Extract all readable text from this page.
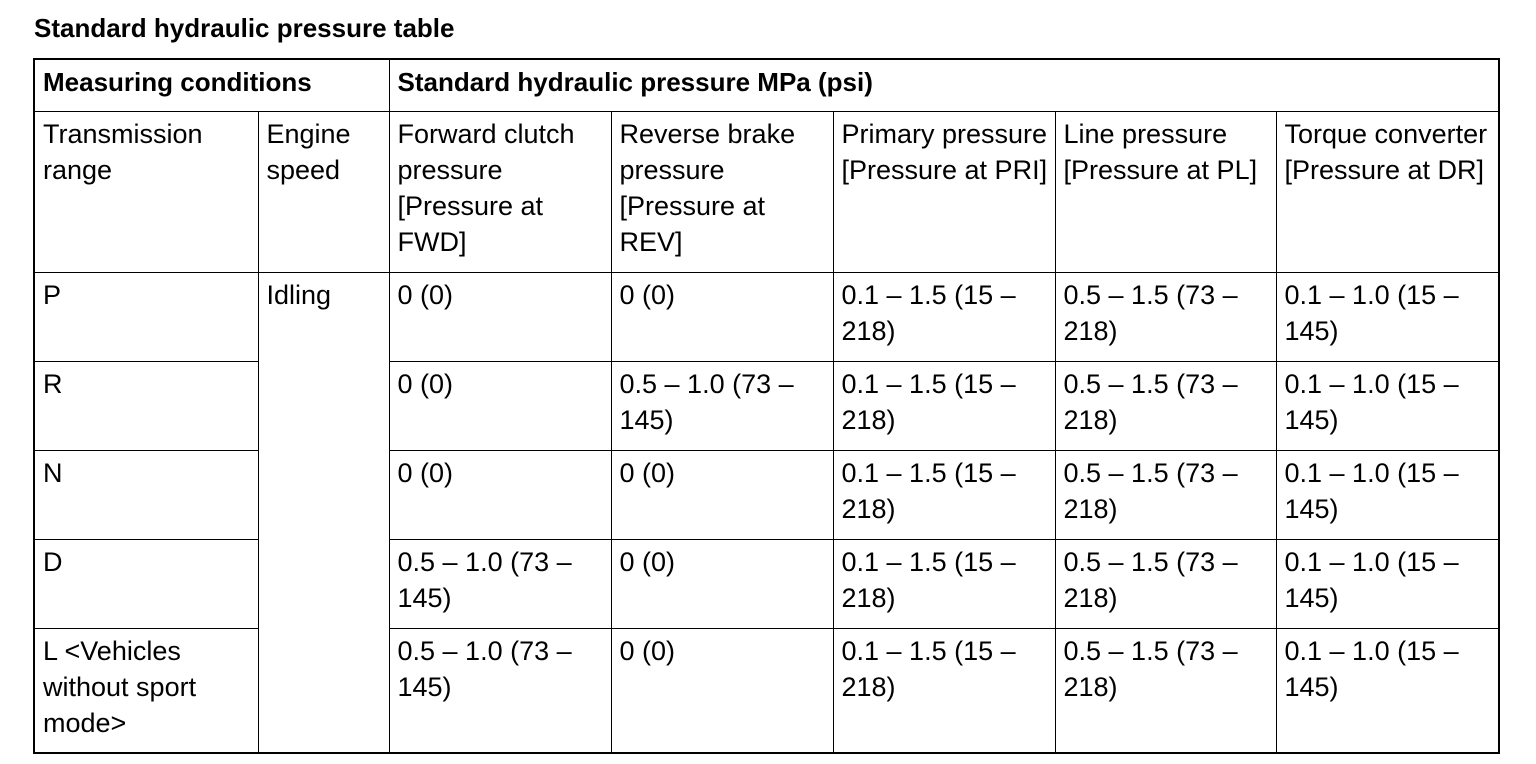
Standard hydraulic pressure table
Measuring conditions		Standard hydraulic pressure MPa (psi)				
Transmission range	Engine speed	Forward clutch pressure [Pressure at FWD]	Reverse brake pressure [Pressure at REV]	Primary pressure [Pressure at PRI]	Line pressure [Pressure at PL]	Torque converter [Pressure at DR]
P	Idling	0 (0)	0 (0)	0.1 – 1.5 (15 – 218)	0.5 – 1.5 (73 – 218)	0.1 – 1.0 (15 – 145)
R		0 (0)	0.5 – 1.0 (73 – 145)	0.1 – 1.5 (15 – 218)	0.5 – 1.5 (73 – 218)	0.1 – 1.0 (15 – 145)
N		0 (0)	0 (0)	0.1 – 1.5 (15 – 218)	0.5 – 1.5 (73 – 218)	0.1 – 1.0 (15 – 145)
D		0.5 – 1.0 (73 – 145)	0 (0)	0.1 – 1.5 (15 – 218)	0.5 – 1.5 (73 – 218)	0.1 – 1.0 (15 – 145)
L <Vehicles without sport mode>		0.5 – 1.0 (73 – 145)	0 (0)	0.1 – 1.5 (15 – 218)	0.5 – 1.5 (73 – 218)	0.1 – 1.0 (15 – 145)
